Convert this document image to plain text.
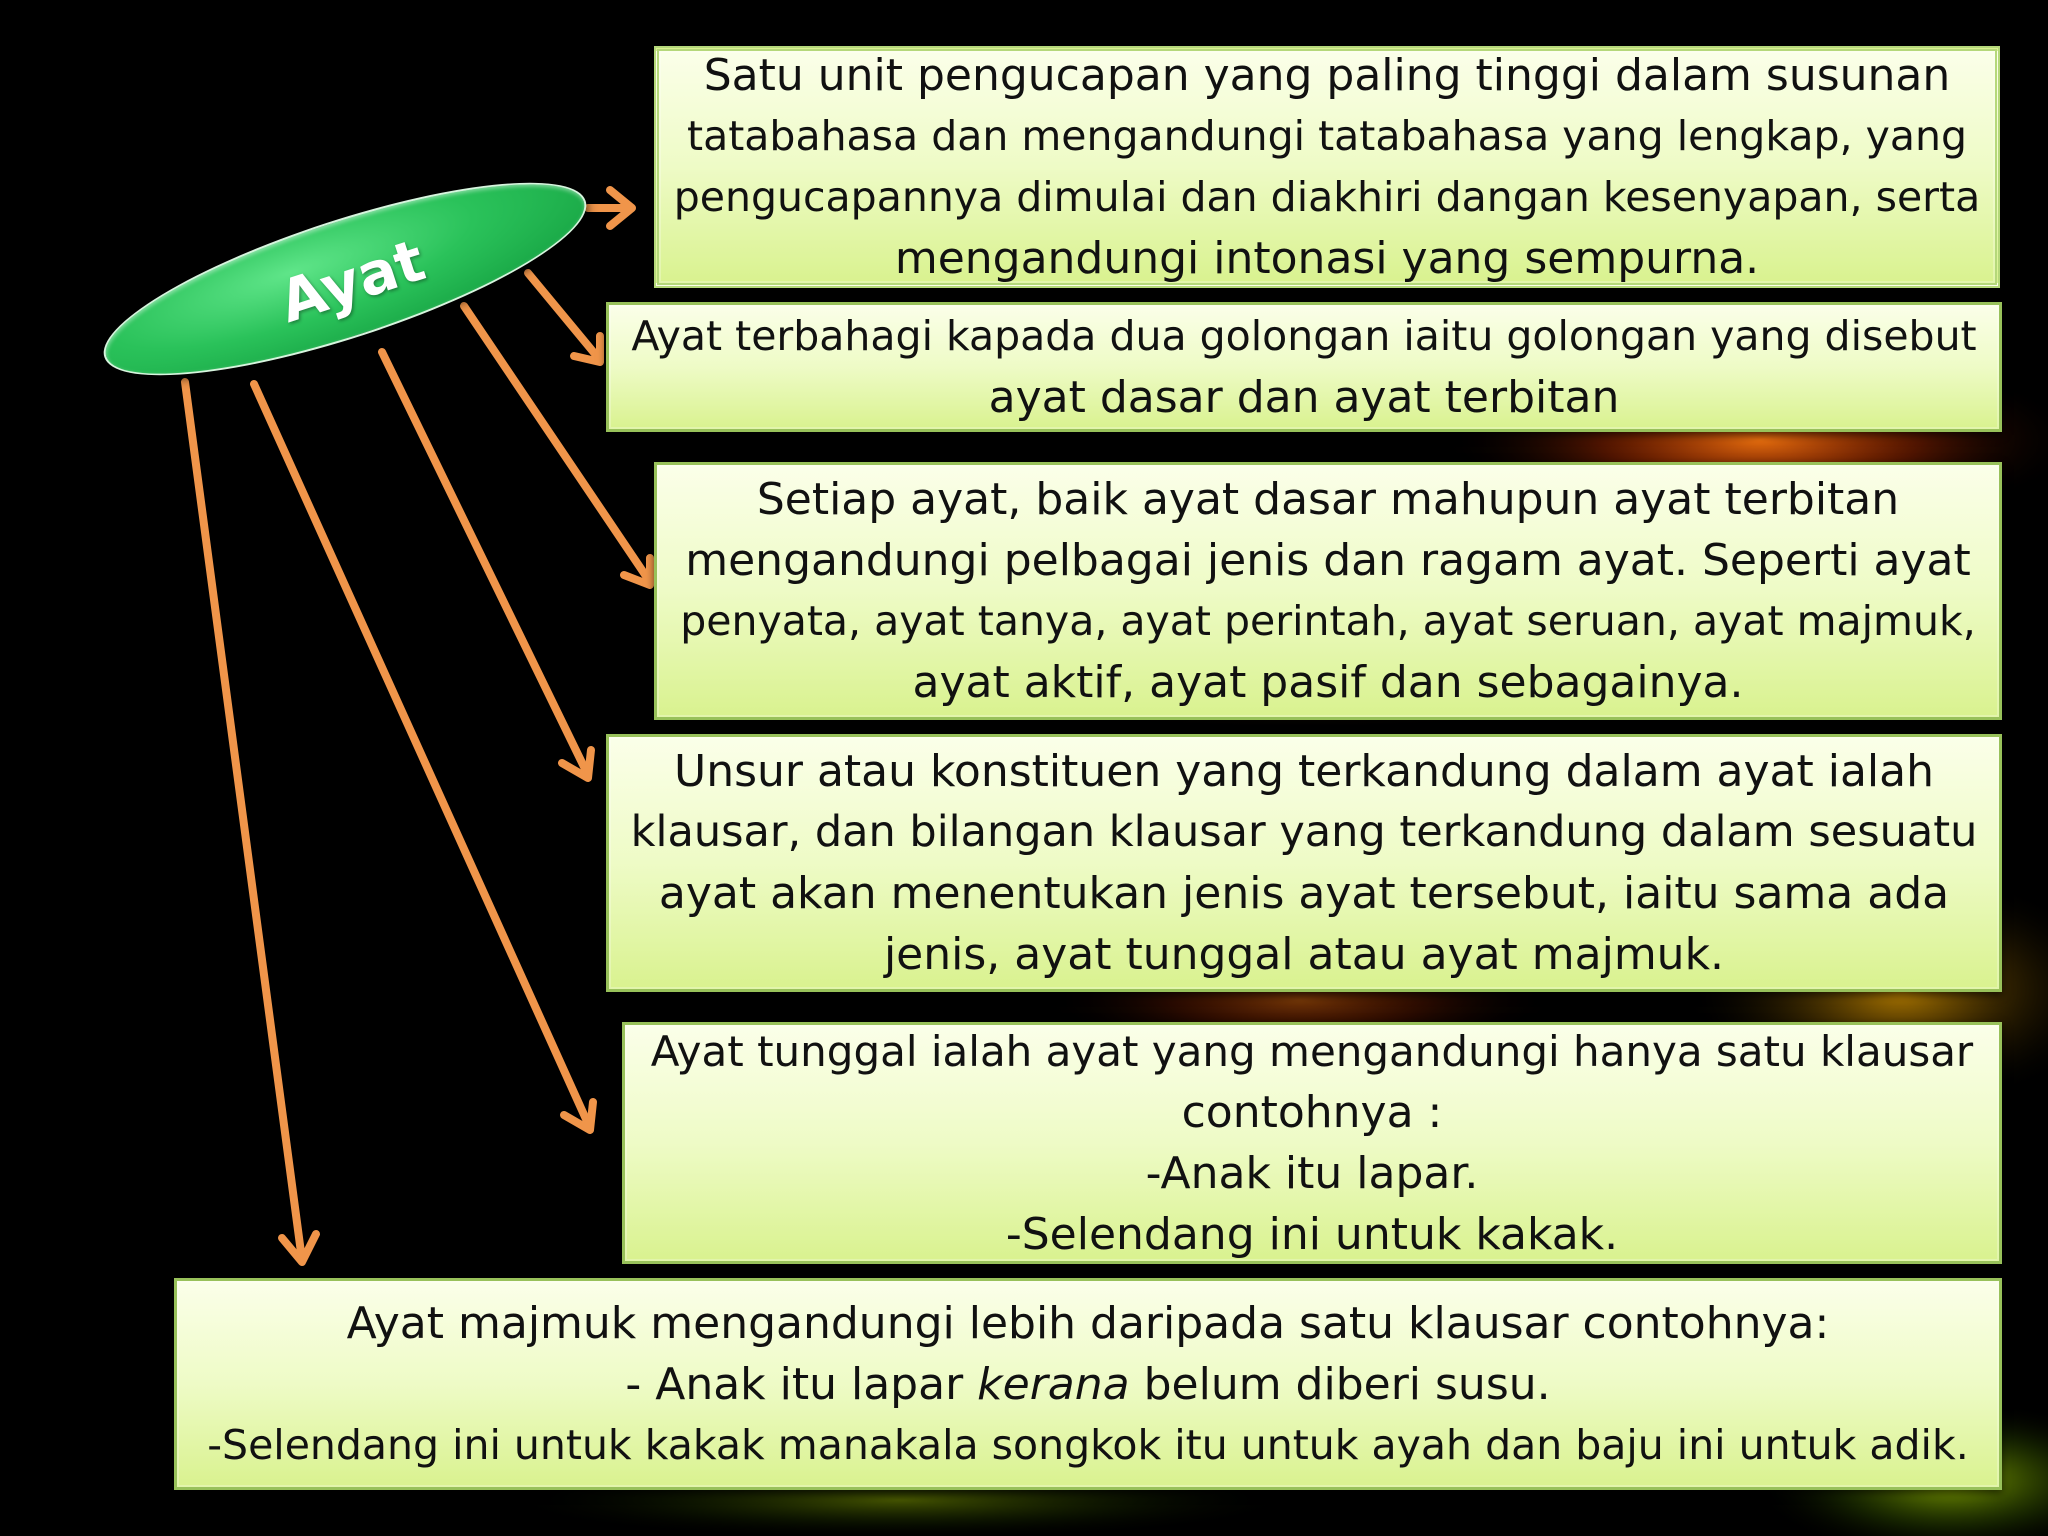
Ayat
Satu unit pengucapan yang paling tinggi dalam susunan
tatabahasa dan mengandungi tatabahasa yang lengkap, yang
pengucapannya dimulai dan diakhiri dangan kesenyapan, serta
mengandungi intonasi yang sempurna.
Ayat terbahagi kapada dua golongan iaitu golongan yang disebut
ayat dasar dan ayat terbitan
Setiap ayat, baik ayat dasar mahupun ayat terbitan
mengandungi pelbagai jenis dan ragam ayat. Seperti ayat
penyata, ayat tanya, ayat perintah, ayat seruan, ayat majmuk,
ayat aktif, ayat pasif dan sebagainya.
Unsur atau konstituen yang terkandung dalam ayat ialah
klausar, dan bilangan klausar yang terkandung dalam sesuatu
ayat akan menentukan jenis ayat tersebut, iaitu sama ada
jenis, ayat tunggal atau ayat majmuk.
Ayat tunggal ialah ayat yang mengandungi hanya satu klausar
contohnya :
-Anak itu lapar.
-Selendang ini untuk kakak.
Ayat majmuk mengandungi lebih daripada satu klausar contohnya:
- Anak itu lapar kerana belum diberi susu.
-Selendang ini untuk kakak manakala songkok itu untuk ayah dan baju ini untuk adik.
